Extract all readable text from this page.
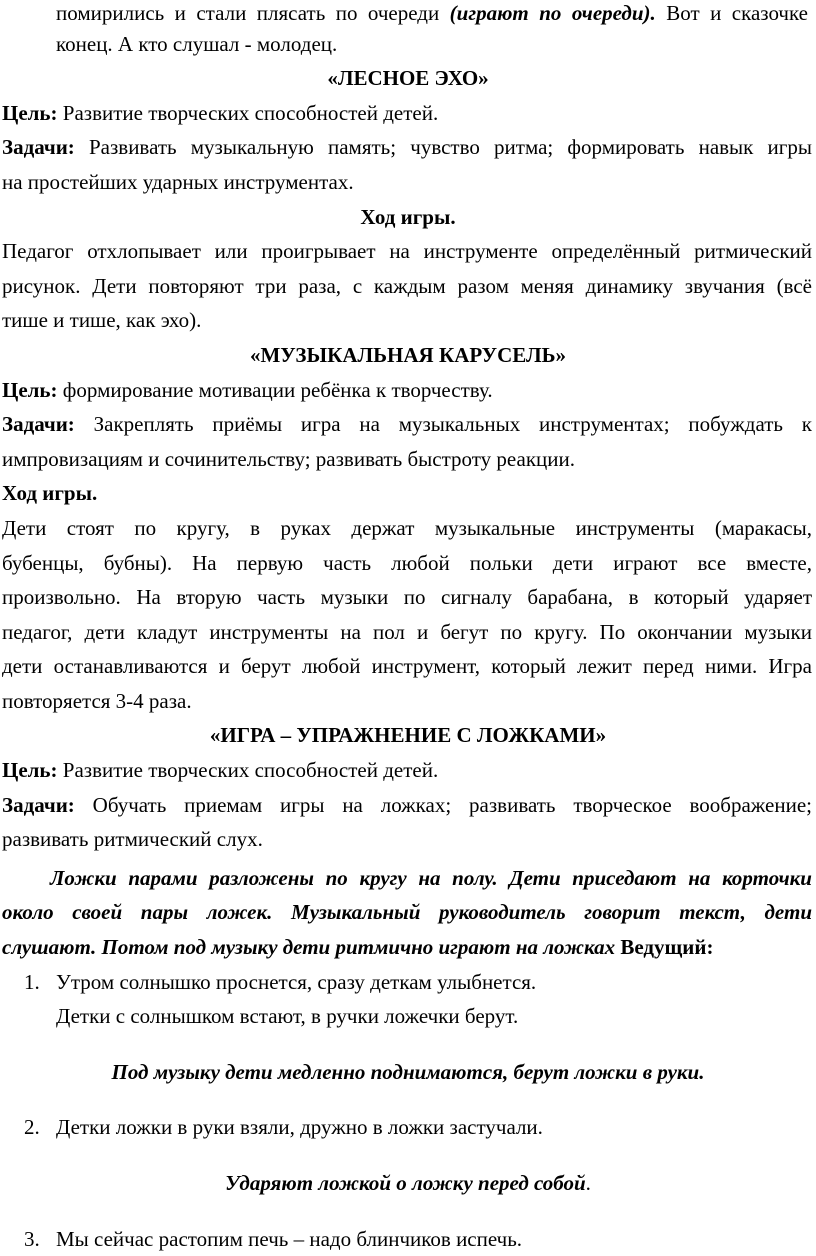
помирились и стали плясать по очереди (играют по очереди). Вот и сказочке

конец. А кто слушал - молодец.

«ЛЕСНОЕ ЭХО»

Цель: Развитие творческих способностей детей.

Задачи: Развивать музыкальную память; чувство ритма; формировать навык игры

на простейших ударных инструментах.

Ход игры.

Педагог отхлопывает или проигрывает на инструменте определённый ритмический

рисунок. Дети повторяют три раза, с каждым разом меняя динамику звучания (всё

тише и тише, как эхо).

«МУЗЫКАЛЬНАЯ КАРУСЕЛЬ»

Цель: формирование мотивации ребёнка к творчеству.

Задачи: Закреплять приёмы игра на музыкальных инструментах; побуждать к

импровизациям и сочинительству; развивать быстроту реакции.

Ход игры.

Дети стоят по кругу, в руках держат музыкальные инструменты (маракасы,

бубенцы, бубны). На первую часть любой польки дети играют все вместе,

произвольно. На вторую часть музыки по сигналу барабана, в который ударяет

педагог, дети кладут инструменты на пол и бегут по кругу. По окончании музыки

дети останавливаются и берут любой инструмент, который лежит перед ними. Игра

повторяется 3-4 раза.

«ИГРА – УПРАЖНЕНИЕ С ЛОЖКАМИ»

Цель: Развитие творческих способностей детей.

Задачи: Обучать приемам игры на ложках; развивать творческое воображение;

развивать ритмический слух.

Ложки парами разложены по кругу на полу. Дети приседают на корточки

около своей пары ложек. Музыкальный руководитель говорит текст, дети

слушают. Потом под музыку дети ритмично играют на ложках Ведущий:

1. Утром солнышко проснется, сразу деткам улыбнется.

Детки с солнышком встают, в ручки ложечки берут.

Под музыку дети медленно поднимаются, берут ложки в руки.

2. Детки ложки в руки взяли, дружно в ложки застучали.

Ударяют ложкой о ложку перед собой.

3. Мы сейчас растопим печь – надо блинчиков испечь.
